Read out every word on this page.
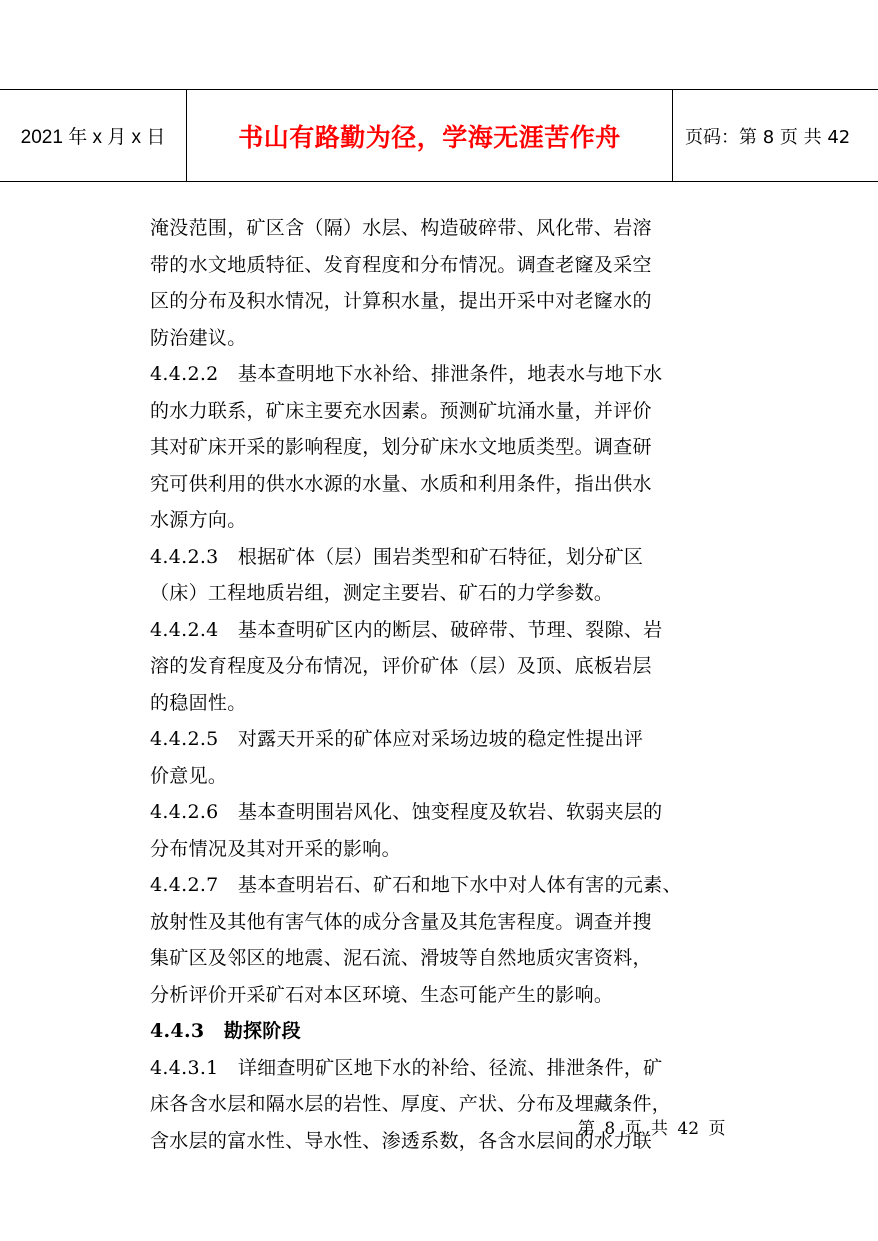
2021 年 x 月 x 日	书山有路勤为径，学海无涯苦作舟	页码：第 8 页 共 42
淹没范围，矿区含（隔）水层、构造破碎带、风化带、岩溶
带的水文地质特征、发育程度和分布情况。调查老窿及采空
区的分布及积水情况，计算积水量，提出开采中对老窿水的
防治建议。
4.4.2.2　基本查明地下水补给、排泄条件，地表水与地下水
的水力联系，矿床主要充水因素。预测矿坑涌水量，并评价
其对矿床开采的影响程度，划分矿床水文地质类型。调查研
究可供利用的供水水源的水量、水质和利用条件，指出供水
水源方向。
4.4.2.3　根据矿体（层）围岩类型和矿石特征，划分矿区
（床）工程地质岩组，测定主要岩、矿石的力学参数。
4.4.2.4　基本查明矿区内的断层、破碎带、节理、裂隙、岩
溶的发育程度及分布情况，评价矿体（层）及顶、底板岩层
的稳固性。
4.4.2.5　对露天开采的矿体应对采场边坡的稳定性提出评
价意见。
4.4.2.6　基本查明围岩风化、蚀变程度及软岩、软弱夹层的
分布情况及其对开采的影响。
4.4.2.7　基本查明岩石、矿石和地下水中对人体有害的元素、
放射性及其他有害气体的成分含量及其危害程度。调查并搜
集矿区及邻区的地震、泥石流、滑坡等自然地质灾害资料，
分析评价开采矿石对本区环境、生态可能产生的影响。
4.4.3　勘探阶段
4.4.3.1　详细查明矿区地下水的补给、径流、排泄条件，矿
床各含水层和隔水层的岩性、厚度、产状、分布及埋藏条件，
含水层的富水性、导水性、渗透系数，各含水层间的水力联
第 8 页 共 42 页
